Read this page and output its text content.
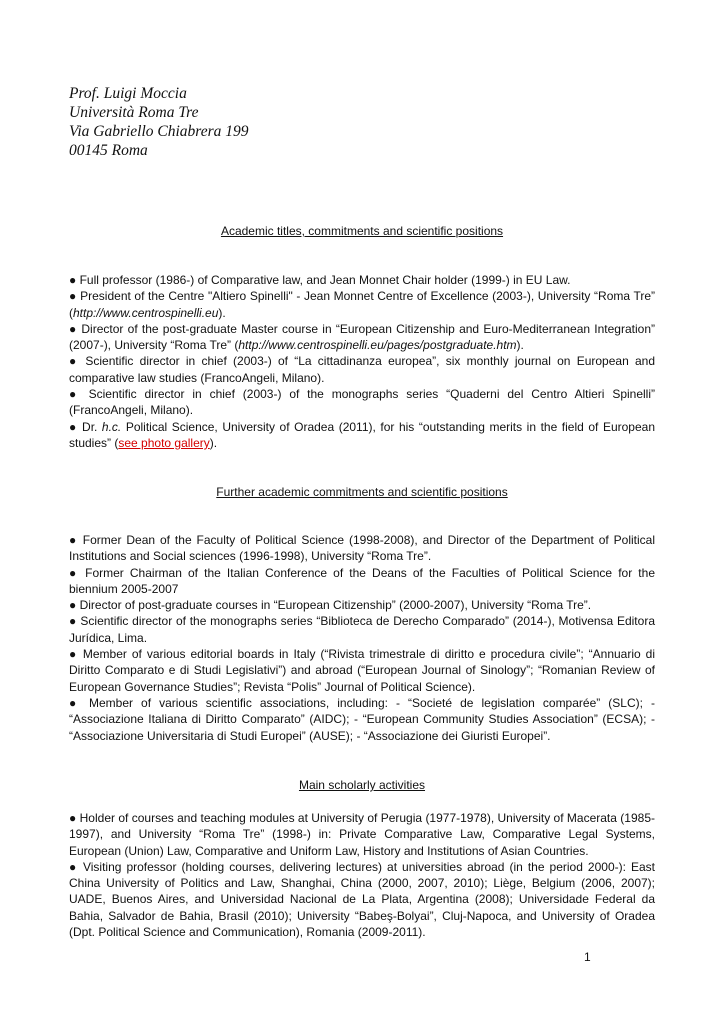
Prof. Luigi Moccia
Università Roma Tre
Via Gabriello Chiabrera 199
00145 Roma
Academic titles, commitments and scientific positions

● Full professor (1986-) of Comparative law, and Jean Monnet Chair holder (1999-) in EU Law.

● President of the Centre "Altiero Spinelli" - Jean Monnet Centre of Excellence (2003-), University “Roma Tre” (http://www.centrospinelli.eu).

● Director of the post-graduate Master course in “European Citizenship and Euro-Mediterranean Integration” (2007-), University “Roma Tre” (http://www.centrospinelli.eu/pages/postgraduate.htm).

● Scientific director in chief (2003-) of “La cittadinanza europea”, six monthly journal on European and comparative law studies (FrancoAngeli, Milano).

● Scientific director in chief (2003-) of the monographs series “Quaderni del Centro Altieri Spinelli” (FrancoAngeli, Milano).

● Dr. h.c. Political Science, University of Oradea (2011), for his “outstanding merits in the field of European studies” (see photo gallery).

Further academic commitments and scientific positions

● Former Dean of the Faculty of Political Science (1998-2008), and Director of the Department of Political Institutions and Social sciences (1996-1998), University “Roma Tre”.

● Former Chairman of the Italian Conference of the Deans of the Faculties of Political Science for the biennium 2005-2007

● Director of post-graduate courses in “European Citizenship” (2000-2007), University “Roma Tre”.

● Scientific director of the monographs series “Biblioteca de Derecho Comparado” (2014-), Motivensa Editora Jurídica, Lima.

● Member of various editorial boards in Italy (“Rivista trimestrale di diritto e procedura civile”; “Annuario di Diritto Comparato e di Studi Legislativi”) and abroad (“European Journal of Sinology”; “Romanian Review of European Governance Studies”; Revista “Polis” Journal of Political Science).

● Member of various scientific associations, including: - “Societé de legislation comparée” (SLC); - “Associazione Italiana di Diritto Comparato” (AIDC); - “European Community Studies Association” (ECSA); - “Associazione Universitaria di Studi Europei” (AUSE); - “Associazione dei Giuristi Europei”.

Main scholarly activities

● Holder of courses and teaching modules at University of Perugia (1977-1978), University of Macerata (1985-1997), and University “Roma Tre” (1998-) in: Private Comparative Law, Comparative Legal Systems, European (Union) Law, Comparative and Uniform Law, History and Institutions of Asian Countries.

● Visiting professor (holding courses, delivering lectures) at universities abroad (in the period 2000-): East China University of Politics and Law, Shanghai, China (2000, 2007, 2010); Liège, Belgium (2006, 2007); UADE, Buenos Aires, and Universidad Nacional de La Plata, Argentina (2008); Universidade Federal da Bahia, Salvador de Bahia, Brasil (2010); University “Babeş-Bolyai”, Cluj-Napoca, and University of Oradea (Dpt. Political Science and Communication), Romania (2009-2011).

1
